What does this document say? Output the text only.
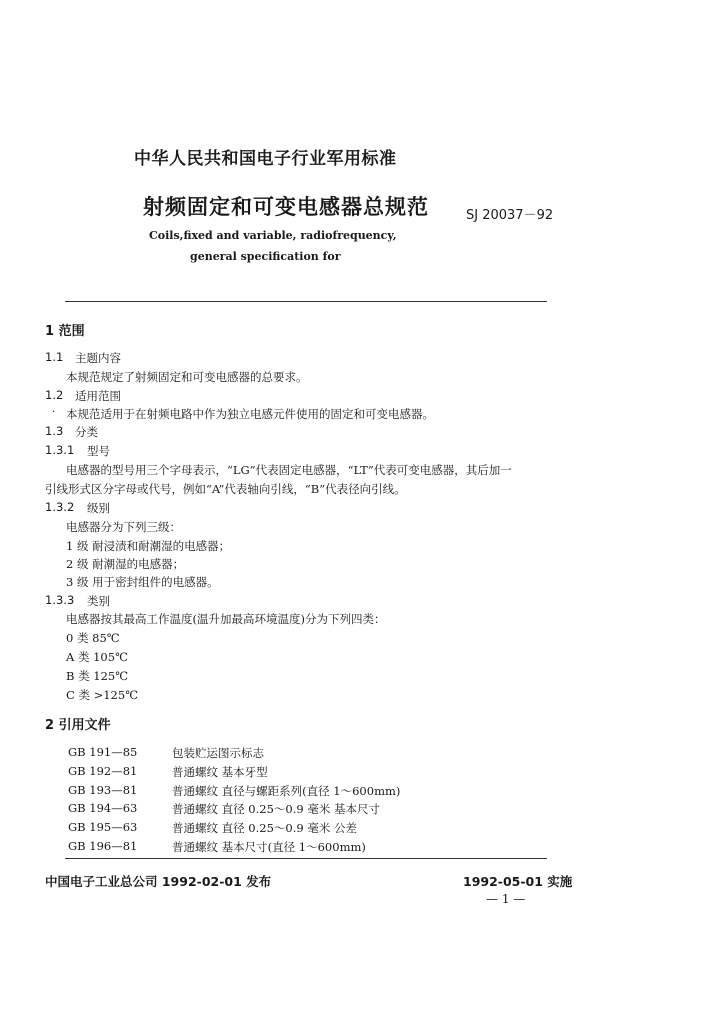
中华人民共和国电子行业军用标准
射频固定和可变电感器总规范	SJ 20037－92
Coils,fixed and variable, radiofrequency,
general specification for
1 范围
1.1 主题内容
本规范规定了射频固定和可变电感器的总要求。
1.2 适用范围
· 本规范适用于在射频电路中作为独立电感元件使用的固定和可变电感器。
1.3 分类
1.3.1 型号
电感器的型号用三个字母表示，“LG”代表固定电感器，“LT”代表可变电感器，其后加一
引线形式区分字母或代号，例如“A”代表轴向引线，“B”代表径向引线。
1.3.2 级别
电感器分为下列三级：
1 级 耐浸渍和耐潮湿的电感器；
2 级 耐潮湿的电感器；
3 级 用于密封组件的电感器。
1.3.3 类别
电感器按其最高工作温度(温升加最高环境温度)分为下列四类：
0 类 85℃
A 类 105℃
B 类 125℃
C 类 >125℃
2 引用文件
GB 191—85	包装贮运图示标志
GB 192—81	普通螺纹 基本牙型
GB 193—81	普通螺纹 直径与螺距系列(直径 1～600mm)
GB 194—63	普通螺纹 直径 0.25～0.9 毫米 基本尺寸
GB 195—63	普通螺纹 直径 0.25～0.9 毫米 公差
GB 196—81	普通螺纹 基本尺寸(直径 1～600mm)
中国电子工业总公司 1992-02-01 发布	1992-05-01 实施
— 1 —
